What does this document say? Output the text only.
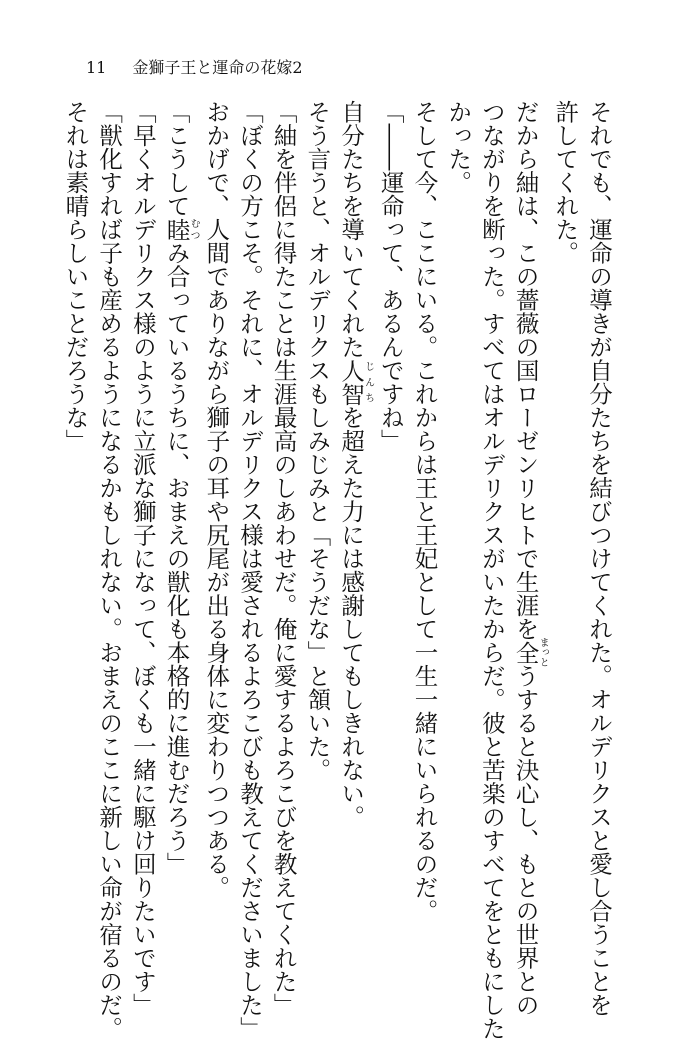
11 金獅子王と運命の花嫁2
それでも、運命の導きが自分たちを結びつけてくれた。オルデリクスと愛し合うことを
許してくれた。
だから紬は、この薔薇の国ローゼンリヒトで生涯を全まっとうすると決心し、もとの世界との
つながりを断った。すべてはオルデリクスがいたからだ。彼と苦楽のすべてをともにした
かった。
そして今、ここにいる。これからは王と王妃として一生一緒にいられるのだ。
「――運命って、あるんですね」
自分たちを導いてくれた人智じんちを超えた力には感謝してもしきれない。
そう言うと、オルデリクスもしみじみと「そうだな」と頷いた。
「紬を伴侶に得たことは生涯最高のしあわせだ。俺に愛するよろこびを教えてくれた」
「ぼくの方こそ。それに、オルデリクス様は愛されるよろこびも教えてくださいました」
おかげで、人間でありながら獅子の耳や尻尾が出る身体に変わりつつある。
「こうして睦むつみ合っているうちに、おまえの獣化も本格的に進むだろう」
「早くオルデリクス様のように立派な獅子になって、ぼくも一緒に駆け回りたいです」
「獣化すれば子も産めるようになるかもしれない。おまえのここに新しい命が宿るのだ。
それは素晴らしいことだろうな」
